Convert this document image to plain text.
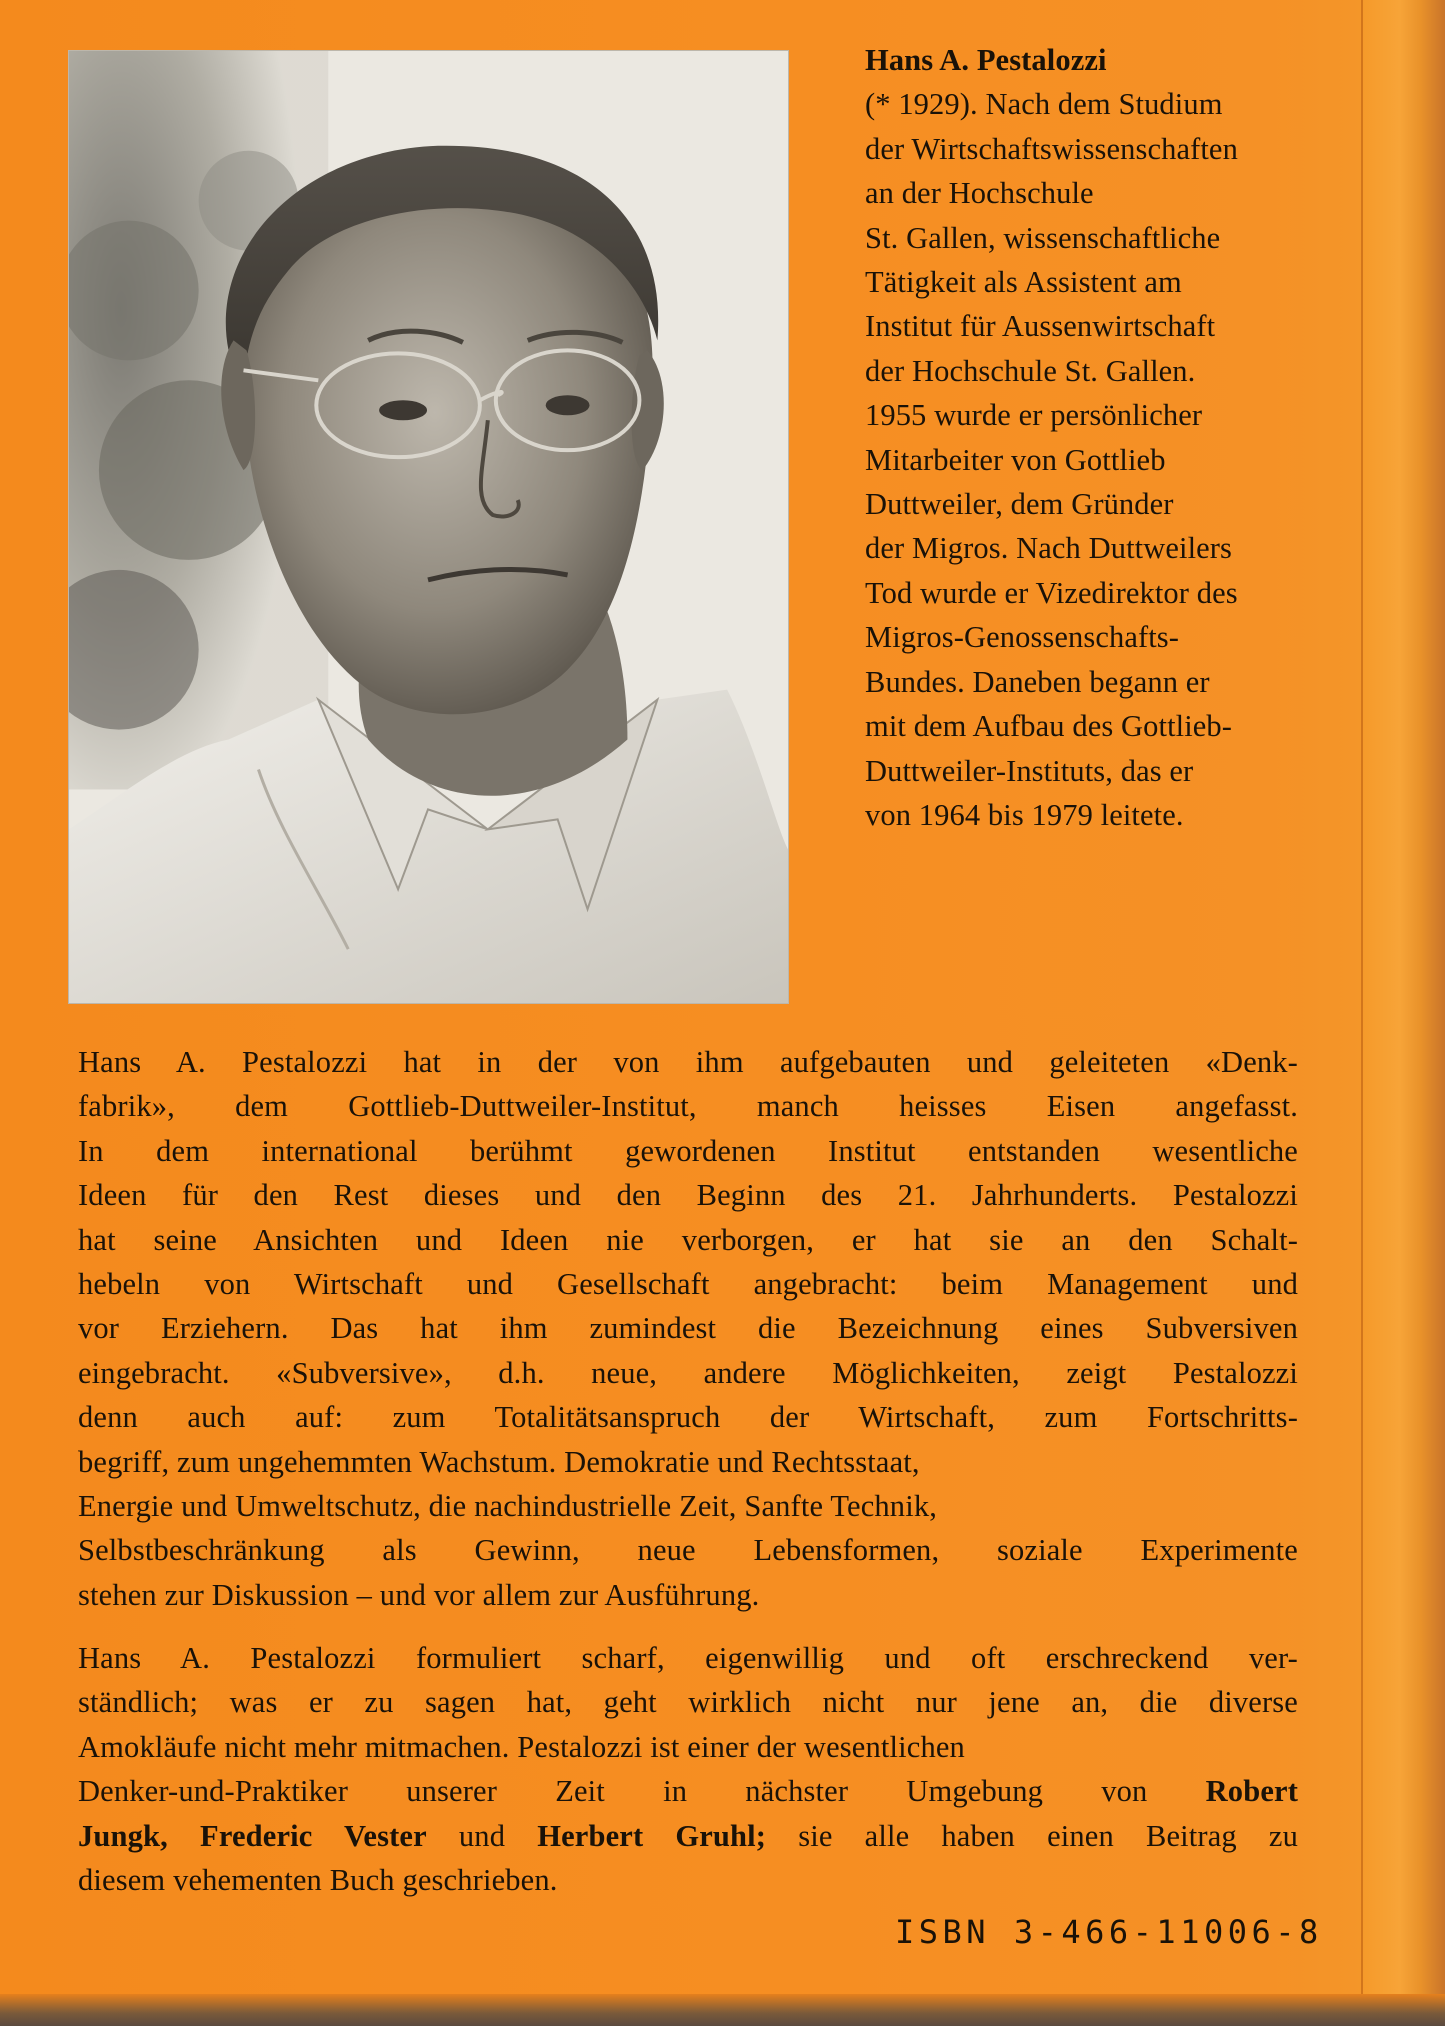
Hans A. Pestalozzi
(* 1929). Nach dem Studium
der Wirtschaftswissenschaften
an der Hochschule
St. Gallen, wissenschaftliche
Tätigkeit als Assistent am
Institut für Aussenwirtschaft
der Hochschule St. Gallen.
1955 wurde er persönlicher
Mitarbeiter von Gottlieb
Duttweiler, dem Gründer
der Migros. Nach Duttweilers
Tod wurde er Vizedirektor des
Migros-Genossenschafts-
Bundes. Daneben begann er
mit dem Aufbau des Gottlieb-
Duttweiler-Instituts, das er
von 1964 bis 1979 leitete.
Hans A. Pestalozzi hat in der von ihm aufgebauten und geleiteten «Denk-
fabrik», dem Gottlieb-Duttweiler-Institut, manch heisses Eisen angefasst.
In dem international berühmt gewordenen Institut entstanden wesentliche
Ideen für den Rest dieses und den Beginn des 21. Jahrhunderts. Pestalozzi
hat seine Ansichten und Ideen nie verborgen, er hat sie an den Schalt-
hebeln von Wirtschaft und Gesellschaft angebracht: beim Management und
vor Erziehern. Das hat ihm zumindest die Bezeichnung eines Subversiven
eingebracht. «Subversive», d.h. neue, andere Möglichkeiten, zeigt Pestalozzi
denn auch auf: zum Totalitätsanspruch der Wirtschaft, zum Fortschritts-
begriff, zum ungehemmten Wachstum. Demokratie und Rechtsstaat,
Energie und Umweltschutz, die nachindustrielle Zeit, Sanfte Technik,
Selbstbeschränkung als Gewinn, neue Lebensformen, soziale Experimente
stehen zur Diskussion – und vor allem zur Ausführung.
Hans A. Pestalozzi formuliert scharf, eigenwillig und oft erschreckend ver-
ständlich; was er zu sagen hat, geht wirklich nicht nur jene an, die diverse
Amokläufe nicht mehr mitmachen. Pestalozzi ist einer der wesentlichen
Denker-und-Praktiker unserer Zeit in nächster Umgebung von Robert
Jungk, Frederic Vester und Herbert Gruhl; sie alle haben einen Beitrag zu
diesem vehementen Buch geschrieben.
ISBN 3-466-11006-8
